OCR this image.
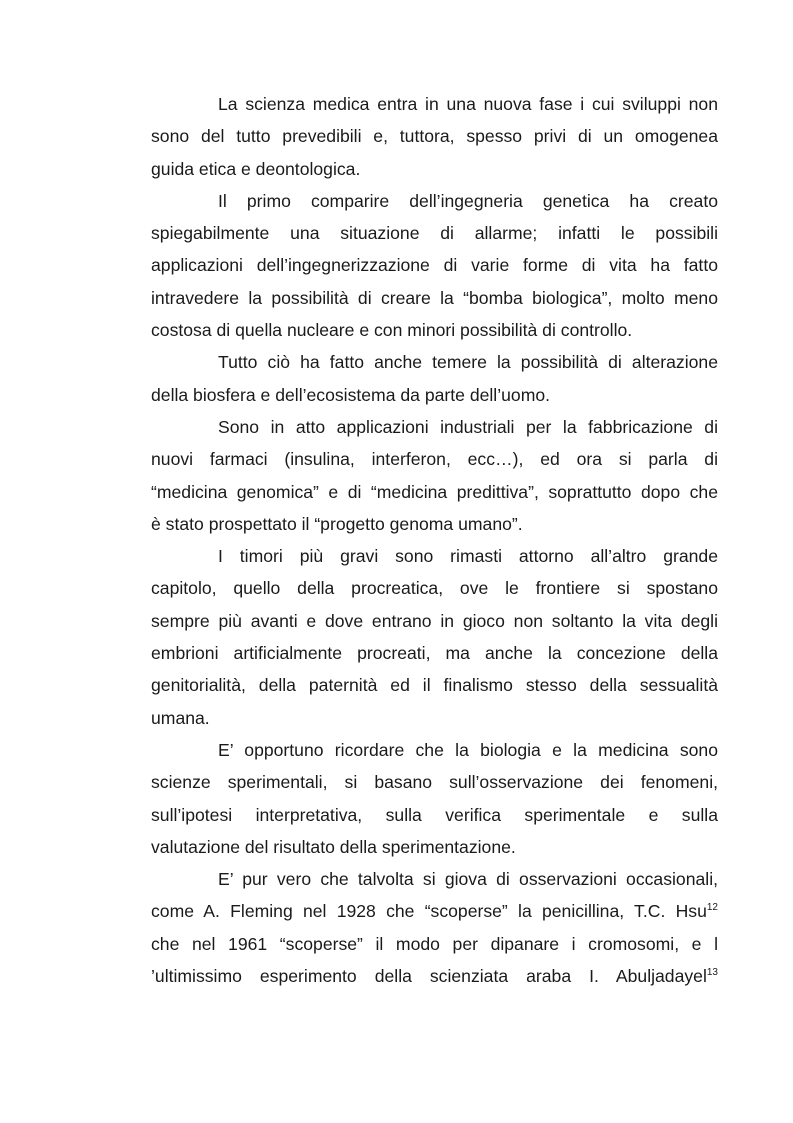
La scienza medica entra in una nuova fase i cui sviluppi non
sono del tutto prevedibili e, tuttora, spesso privi di un omogenea
guida etica e deontologica.
Il primo comparire dell’ingegneria genetica ha creato
spiegabilmente una situazione di allarme; infatti le possibili
applicazioni dell’ingegnerizzazione di varie forme di vita ha fatto
intravedere la possibilità di creare la “bomba biologica”, molto meno
costosa di quella nucleare e con minori possibilità di controllo.
Tutto ciò ha fatto anche temere la possibilità di alterazione
della biosfera e dell’ecosistema da parte dell’uomo.
Sono in atto applicazioni industriali per la fabbricazione di
nuovi farmaci (insulina, interferon, ecc…), ed ora si parla di
“medicina genomica” e di “medicina predittiva”, soprattutto dopo che
è stato prospettato il “progetto genoma umano”.
I timori più gravi sono rimasti attorno all’altro grande
capitolo, quello della procreatica, ove le frontiere si spostano
sempre più avanti e dove entrano in gioco non soltanto la vita degli
embrioni artificialmente procreati, ma anche la concezione della
genitorialità, della paternità ed il finalismo stesso della sessualità
umana.
E’ opportuno ricordare che la biologia e la medicina sono
scienze sperimentali, si basano sull’osservazione dei fenomeni,
sull’ipotesi interpretativa, sulla verifica sperimentale e sulla
valutazione del risultato della sperimentazione.
E’ pur vero che talvolta si giova di osservazioni occasionali,
come A. Fleming nel 1928 che “scoperse” la penicillina, T.C. Hsu$^{12}$
che nel 1961 “scoperse” il modo per dipanare i cromosomi, e l
’ultimissimo esperimento della scienziata araba I. Abuljadayel$^{13}$
